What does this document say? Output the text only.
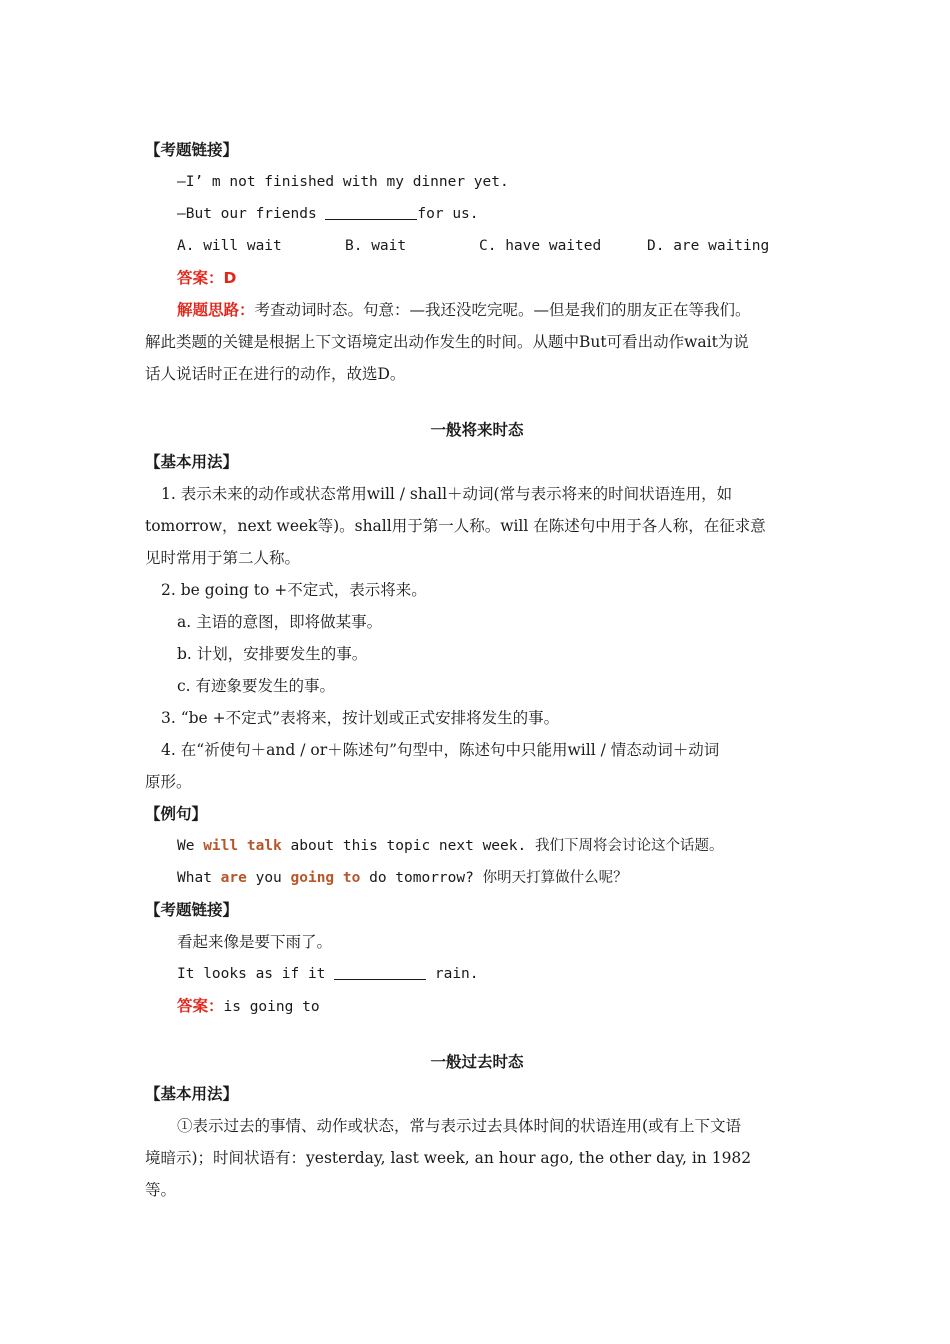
【考题链接】
—I’ m not finished with my dinner yet.
—But our friends	for us.
A. will wait	B. wait	C. have waited	D. are waiting
答案：D
解题思路：考查动词时态。句意：—我还没吃完呢。—但是我们的朋友正在等我们。
解此类题的关键是根据上下文语境定出动作发生的时间。从题中But可看出动作wait为说
话人说话时正在进行的动作，故选D。
一般将来时态
【基本用法】
1. 表示未来的动作或状态常用will / shall＋动词(常与表示将来的时间状语连用，如
tomorrow，next week等)。shall用于第一人称。will 在陈述句中用于各人称，在征求意
见时常用于第二人称。
2. be going to +不定式，表示将来。
a. 主语的意图，即将做某事。
b. 计划，安排要发生的事。
c. 有迹象要发生的事。
3. “be +不定式”表将来，按计划或正式安排将发生的事。
4. 在“祈使句＋and / or＋陈述句”句型中，陈述句中只能用will / 情态动词＋动词
原形。
【例句】
We will talk about this topic next week. 我们下周将会讨论这个话题。
What are you going to do tomorrow? 你明天打算做什么呢？
【考题链接】
看起来像是要下雨了。
It looks as if it	rain.
答案：is going to
一般过去时态
【基本用法】
①表示过去的事情、动作或状态，常与表示过去具体时间的状语连用(或有上下文语
境暗示)；时间状语有：yesterday, last week, an hour ago, the other day, in 1982
等。
